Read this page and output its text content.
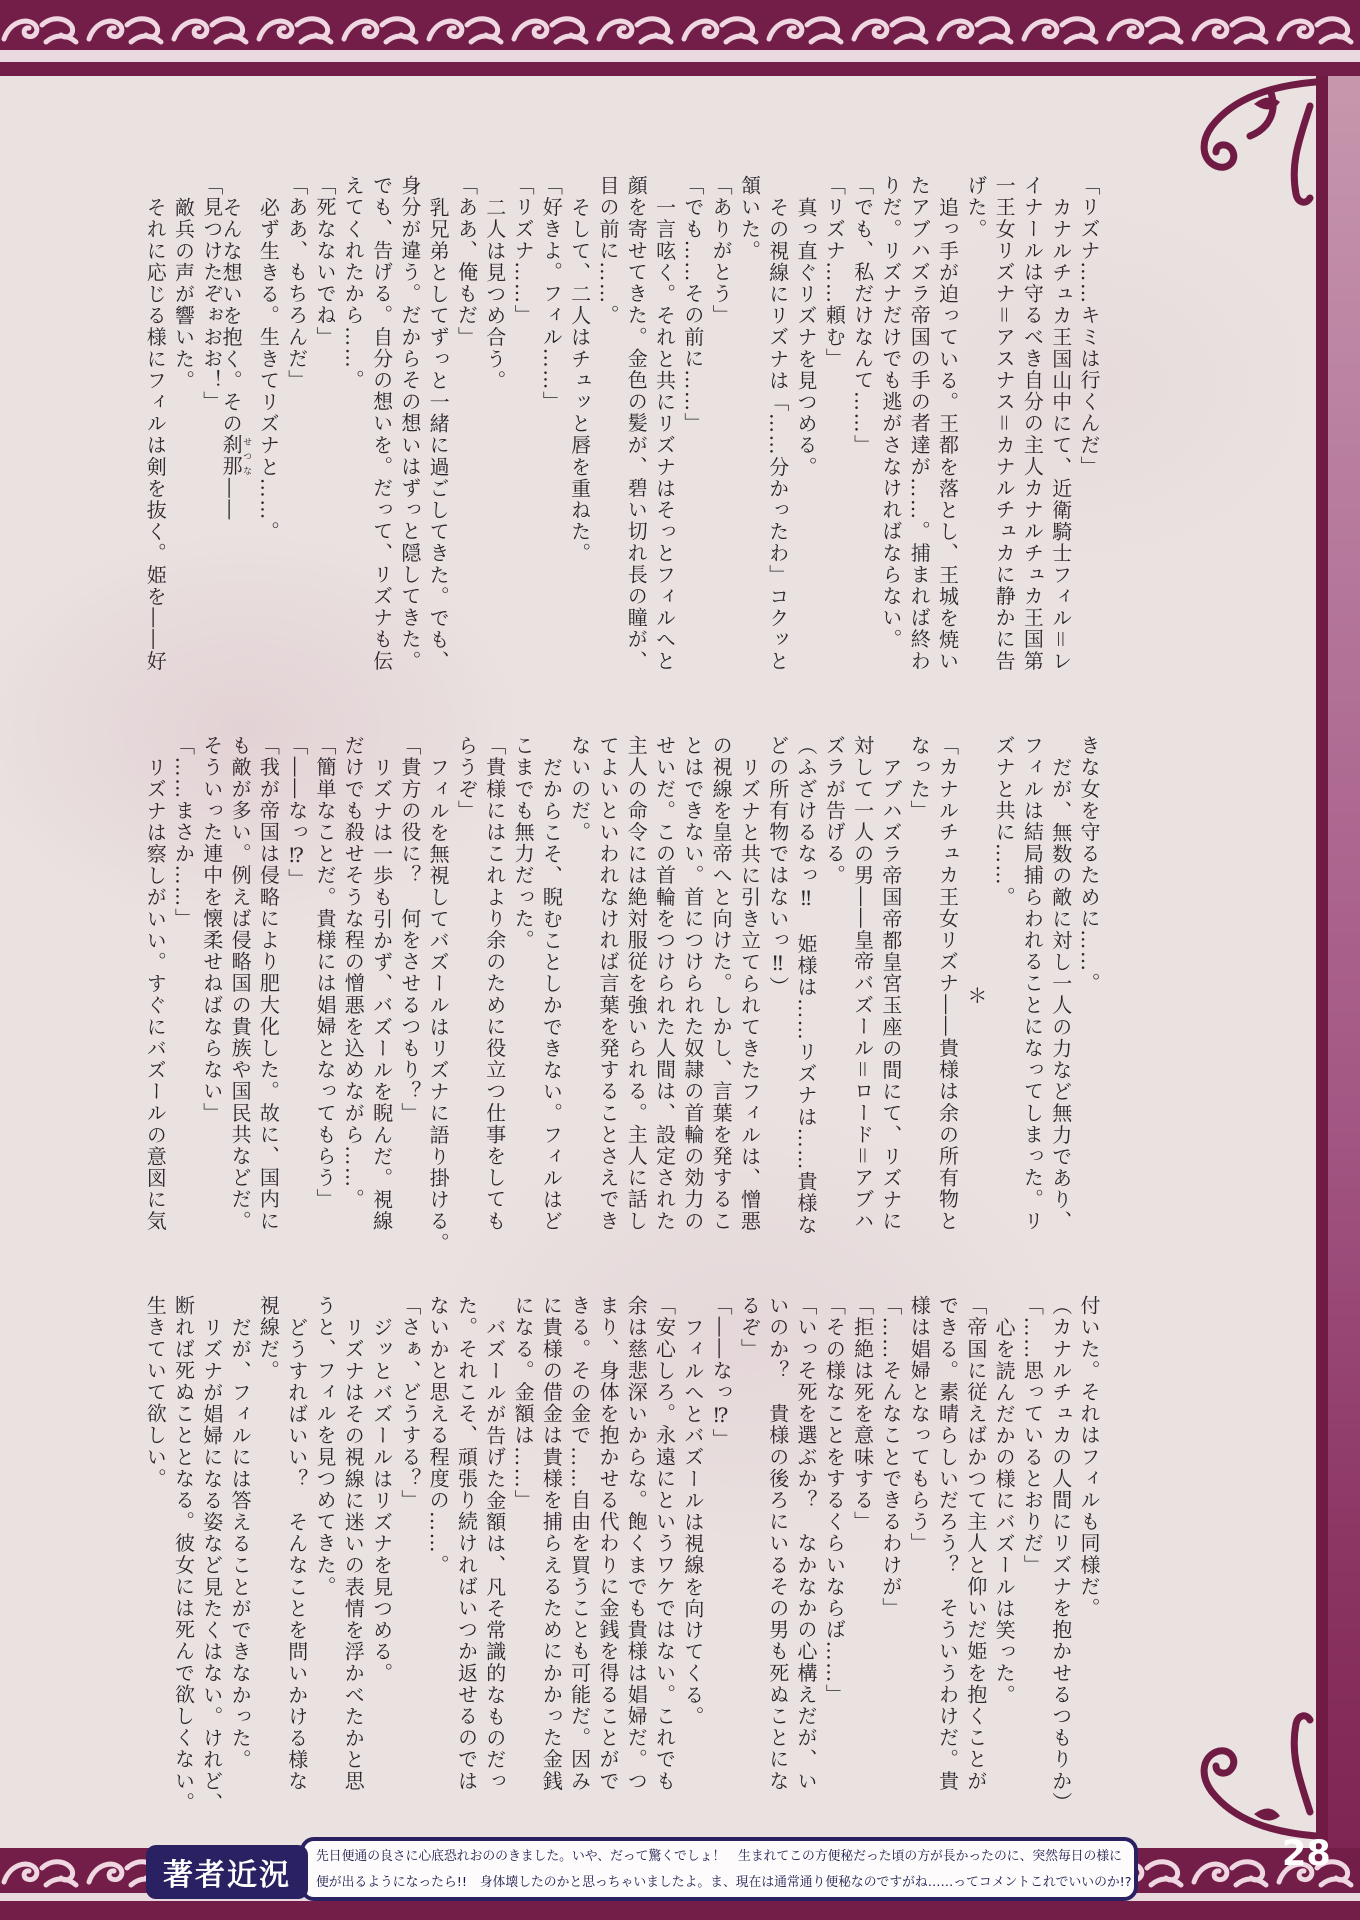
「リズナ……キミは行くんだ」
カナルチュカ王国山中にて、近衛騎士フィル＝レ
イナールは守るべき自分の主人カナルチュカ王国第
一王女リズナ＝アスナス＝カナルチュカに静かに告
げた。
追っ手が迫っている。王都を落とし、王城を焼い
たアブハズラ帝国の手の者達が……。捕まれば終わ
りだ。リズナだけでも逃がさなければならない。
「でも、私だけなんて……」
「リズナ……頼む」
真っ直ぐリズナを見つめる。
その視線にリズナは「……分かったわ」コクッと
頷いた。
「ありがとう」
「でも……その前に……」
一言呟く。それと共にリズナはそっとフィルへと
顔を寄せてきた。金色の髪が、碧い切れ長の瞳が、
目の前に……。
そして、二人はチュッと唇を重ねた。
「好きよ。フィル……」
「リズナ……」
二人は見つめ合う。
「ああ、俺もだ」
乳兄弟としてずっと一緒に過ごしてきた。でも、
身分が違う。だからその想いはずっと隠してきた。
でも、告げる。自分の想いを。だって、リズナも伝
えてくれたから……。
「死なないでね」
「ああ、もちろんだ」
必ず生きる。生きてリズナと……。
そんな想いを抱く。その刹那せつな――
「見つけたぞぉおお！」
敵兵の声が響いた。
それに応じる様にフィルは剣を抜く。姫を――好
きな女を守るために……。
だが、無数の敵に対し一人の力など無力であり、
フィルは結局捕らわれることになってしまった。リ
ズナと共に……。
＊
「カナルチュカ王女リズナ――貴様は余の所有物と
なった」
アブハズラ帝国帝都皇宮玉座の間にて、リズナに
対して一人の男――皇帝バズール＝ロード＝アブハ
ズラが告げる。
（ふざけるなっ‼　姫様は……リズナは……貴様な
どの所有物ではないっ‼）
リズナと共に引き立てられてきたフィルは、憎悪
の視線を皇帝へと向けた。しかし、言葉を発するこ
とはできない。首につけられた奴隷の首輪の効力の
せいだ。この首輪をつけられた人間は、設定された
主人の命令には絶対服従を強いられる。主人に話し
てよいといわれなければ言葉を発することさえでき
ないのだ。
だからこそ、睨むことしかできない。フィルはど
こまでも無力だった。
「貴様にはこれより余のために役立つ仕事をしても
らうぞ」
フィルを無視してバズールはリズナに語り掛ける。
「貴方の役に？　何をさせるつもり？」
リズナは一歩も引かず、バズールを睨んだ。視線
だけでも殺せそうな程の憎悪を込めながら……。
「簡単なことだ。貴様には娼婦となってもらう」
「――なっ⁉」
「我が帝国は侵略により肥大化した。故に、国内に
も敵が多い。例えば侵略国の貴族や国民共などだ。
そういった連中を懐柔せねばならない」
「……まさか……」
リズナは察しがいい。すぐにバズールの意図に気
付いた。それはフィルも同様だ。
（カナルチュカの人間にリズナを抱かせるつもりか）
「……思っているとおりだ」
心を読んだかの様にバズールは笑った。
「帝国に従えばかつて主人と仰いだ姫を抱くことが
できる。素晴らしいだろう？　そういうわけだ。貴
様は娼婦となってもらう」
「……そんなことできるわけが」
「拒絶は死を意味する」
「その様なことをするくらいならば……」
「いっそ死を選ぶか？　なかなかの心構えだが、い
いのか？　貴様の後ろにいるその男も死ぬことにな
るぞ」
「――なっ⁉」
フィルへとバズールは視線を向けてくる。
「安心しろ。永遠にというワケではない。これでも
余は慈悲深いからな。飽くまでも貴様は娼婦だ。つ
まり、身体を抱かせる代わりに金銭を得ることがで
きる。その金で……自由を買うことも可能だ。因み
に貴様の借金は貴様を捕らえるためにかかった金銭
になる。金額は……」
バズールが告げた金額は、凡そ常識的なものだっ
た。それこそ、頑張り続ければいつか返せるのでは
ないかと思える程度の……。
「さぁ、どうする？」
ジッとバズールはリズナを見つめる。
リズナはその視線に迷いの表情を浮かべたかと思
うと、フィルを見つめてきた。
どうすればいい？　そんなことを問いかける様な
視線だ。
だが、フィルには答えることができなかった。
リズナが娼婦になる姿など見たくはない。けれど、
断れば死ぬこととなる。彼女には死んで欲しくない。
生きていて欲しい。
著者近況
先日便通の良さに心底恐れおののきました。いや、だって驚くでしょ！　生まれてこの方便秘だった頃の方が長かったのに、突然毎日の様に
便が出るようになったら!!　身体壊したのかと思っちゃいましたよ。ま、現在は通常通り便秘なのですがね……ってコメントこれでいいのか!?
28
